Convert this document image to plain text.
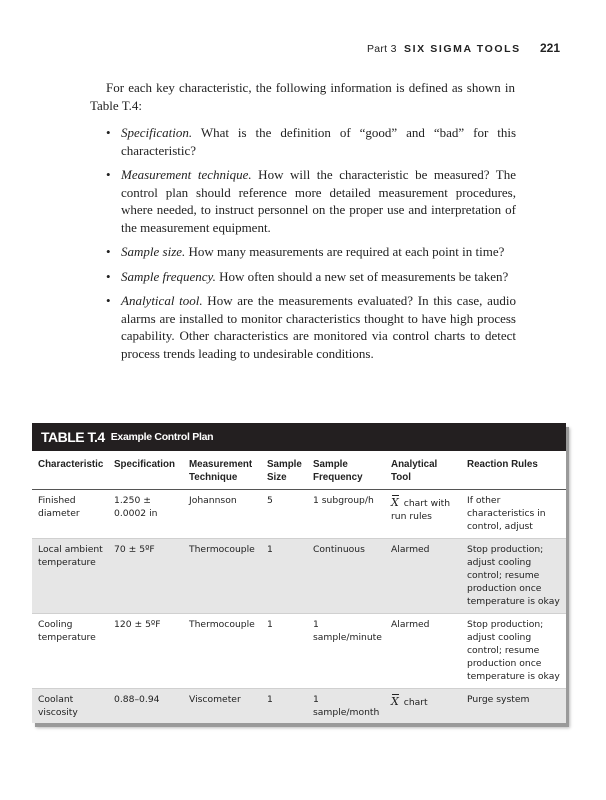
Part 3 SIX SIGMA TOOLS 221

For each key characteristic, the following information is defined as shown in Table T.4:

• Specification. What is the definition of “good” and “bad” for this characteristic?
• Measurement technique. How will the characteristic be measured? The control plan should reference more detailed measurement procedures, where needed, to instruct personnel on the proper use and interpretation of the measurement equipment.
• Sample size. How many measurements are required at each point in time?
• Sample frequency. How often should a new set of measurements be taken?
• Analytical tool. How are the measurements evaluated? In this case, audio alarms are installed to monitor characteristics thought to have high process capability. Other characteristics are monitored via control charts to detect process trends leading to undesirable conditions.
TABLE T.4 Example Control Plan
Characteristic	Specification	Measurement Technique	Sample Size	Sample Frequency	Analytical Tool	Reaction Rules
Finished diameter	1.250 ± 0.0002 in	Johannson	5	1 subgroup/h	X chart with run rules	If other characteristics in control, adjust
Local ambient temperature	70 ± 5ºF	Thermocouple	1	Continuous	Alarmed	Stop production; adjust cooling control; resume production once temperature is okay
Cooling temperature	120 ± 5ºF	Thermocouple	1	1 sample/minute	Alarmed	Stop production; adjust cooling control; resume production once temperature is okay
Coolant viscosity	0.88–0.94	Viscometer	1	1 sample/month	X chart	Purge system
